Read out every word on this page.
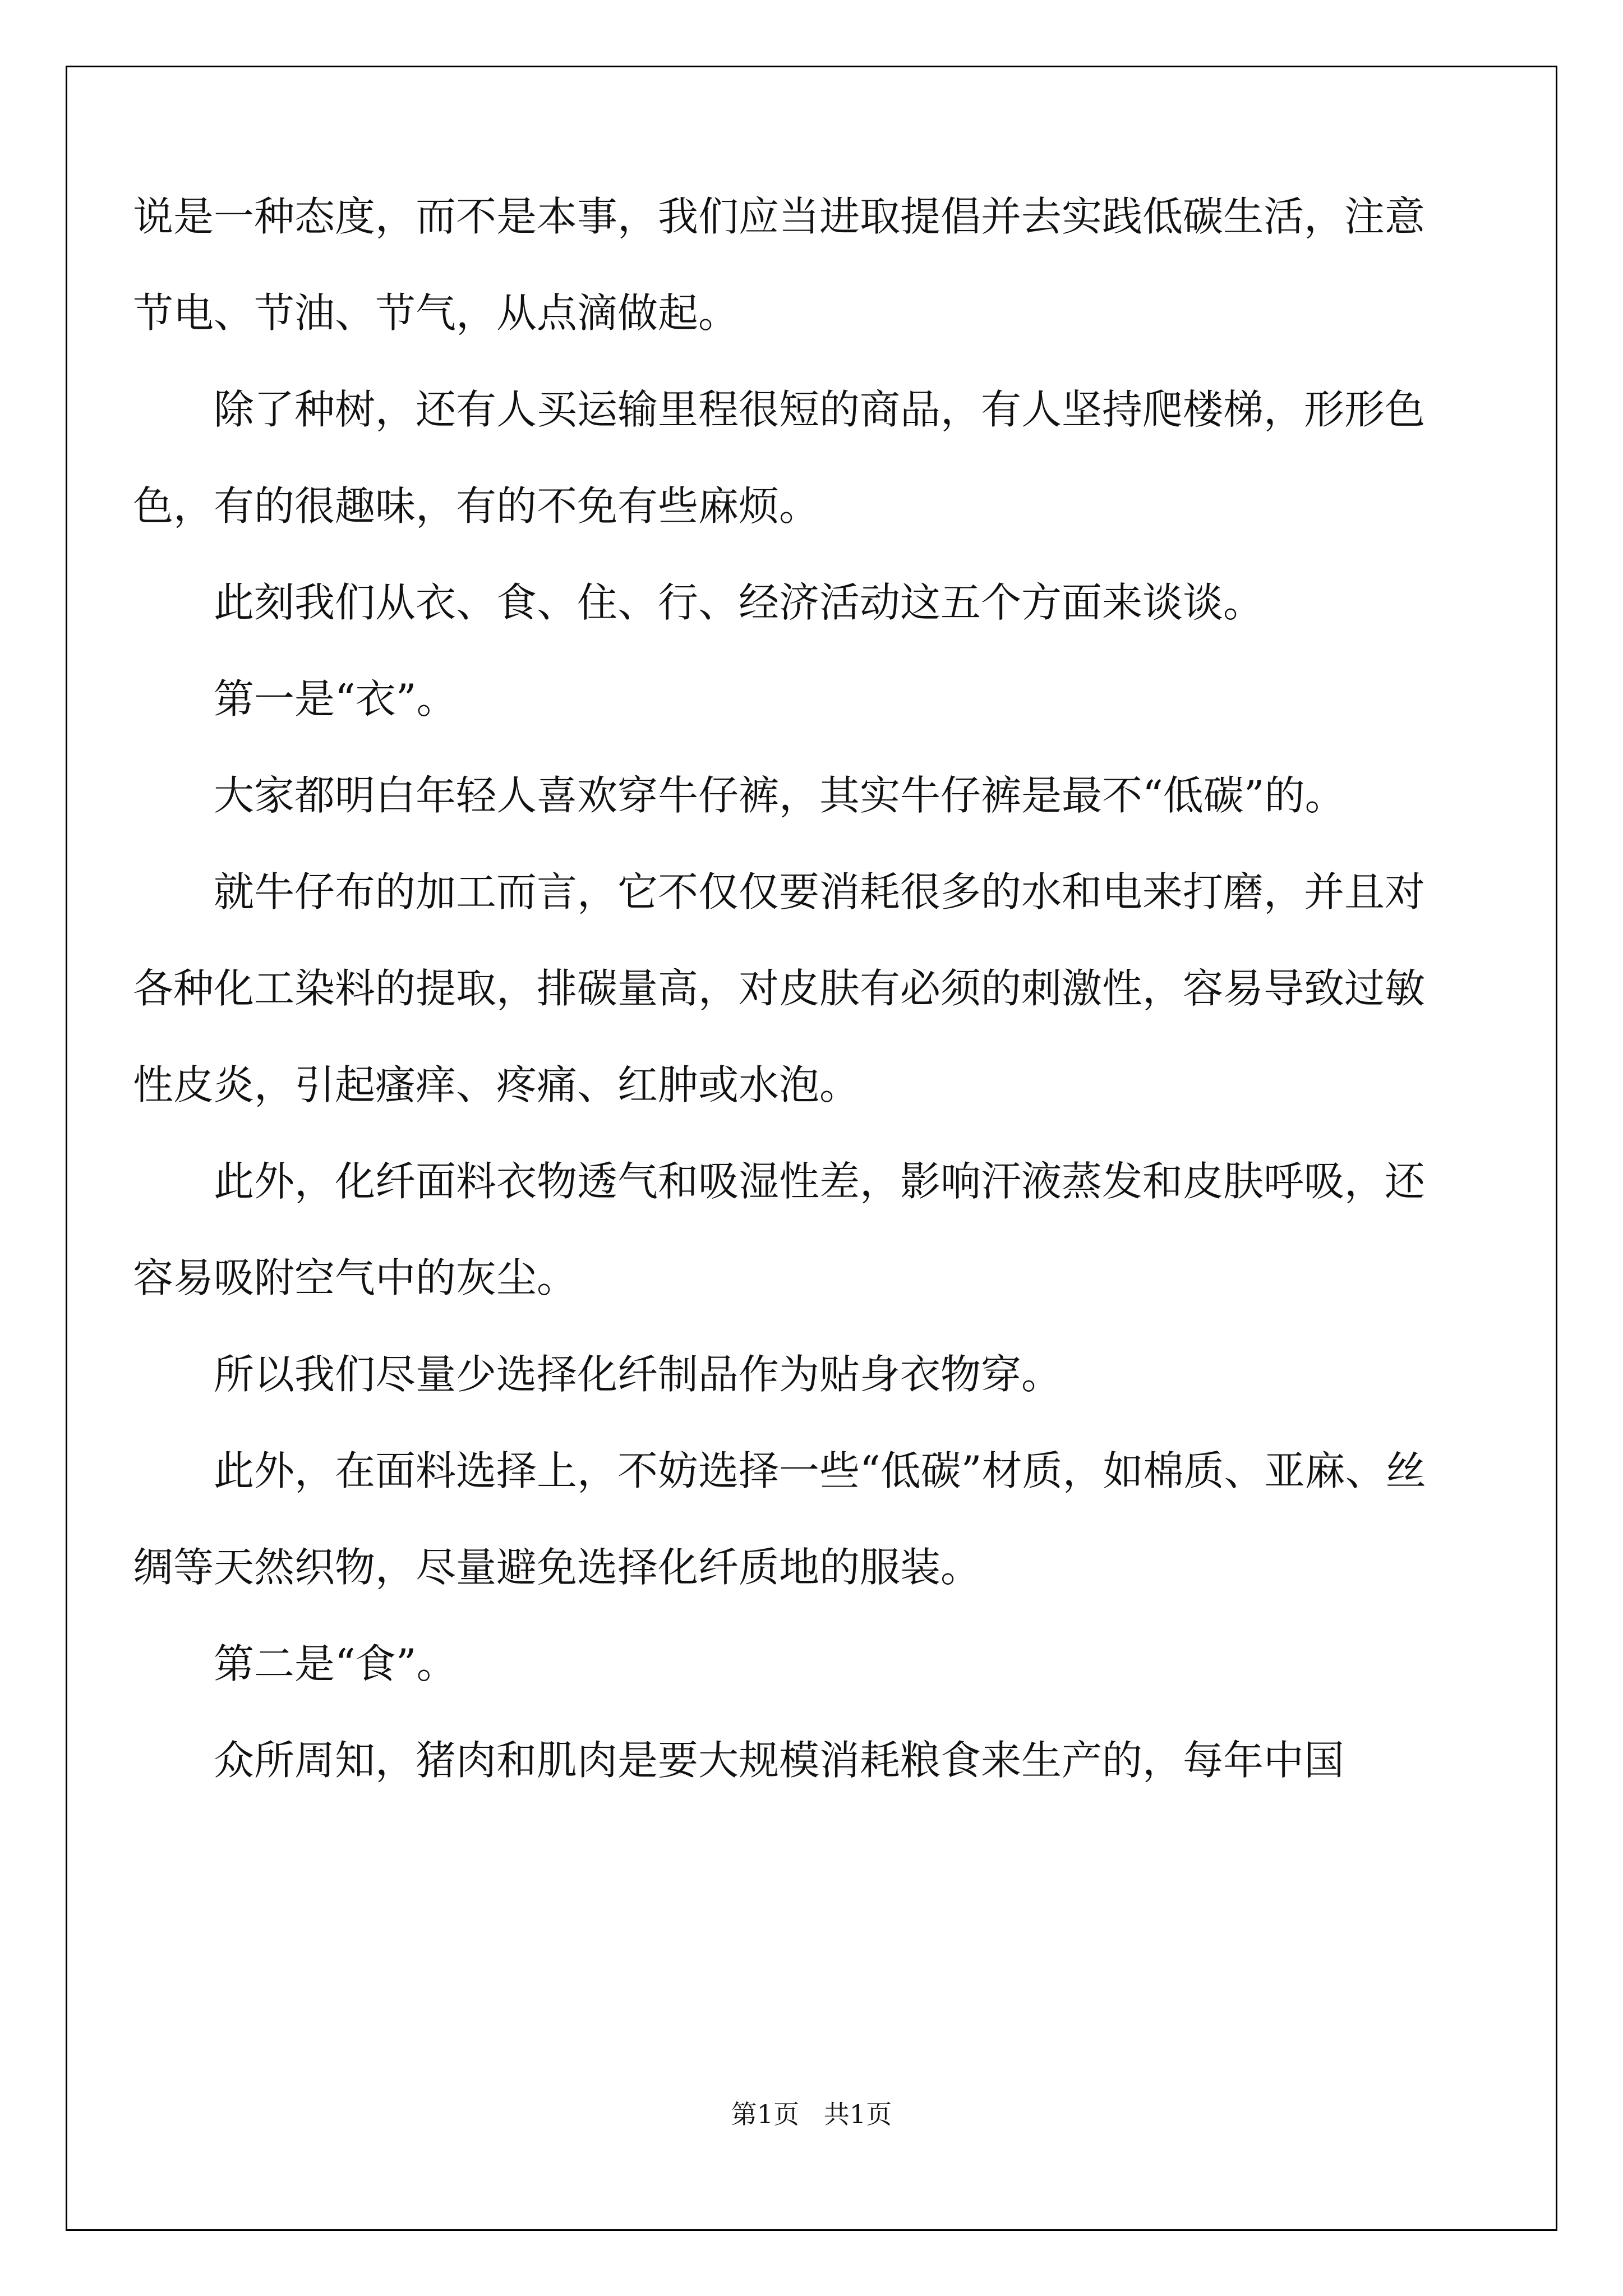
说是一种态度，而不是本事，我们应当进取提倡并去实践低碳生活，注意节电、节油、节气，从点滴做起。

除了种树，还有人买运输里程很短的商品，有人坚持爬楼梯，形形色色，有的很趣味，有的不免有些麻烦。

此刻我们从衣、食、住、行、经济活动这五个方面来谈谈。

第一是“衣”。

大家都明白年轻人喜欢穿牛仔裤，其实牛仔裤是最不“低碳”的。

就牛仔布的加工而言，它不仅仅要消耗很多的水和电来打磨，并且对各种化工染料的提取，排碳量高，对皮肤有必须的刺激性，容易导致过敏性皮炎，引起瘙痒、疼痛、红肿或水泡。

此外，化纤面料衣物透气和吸湿性差，影响汗液蒸发和皮肤呼吸，还容易吸附空气中的灰尘。

所以我们尽量少选择化纤制品作为贴身衣物穿。

此外，在面料选择上，不妨选择一些“低碳”材质，如棉质、亚麻、丝绸等天然织物，尽量避免选择化纤质地的服装。

第二是“食”。

众所周知，猪肉和肌肉是要大规模消耗粮食来生产的，每年中国

第1页   共1页
